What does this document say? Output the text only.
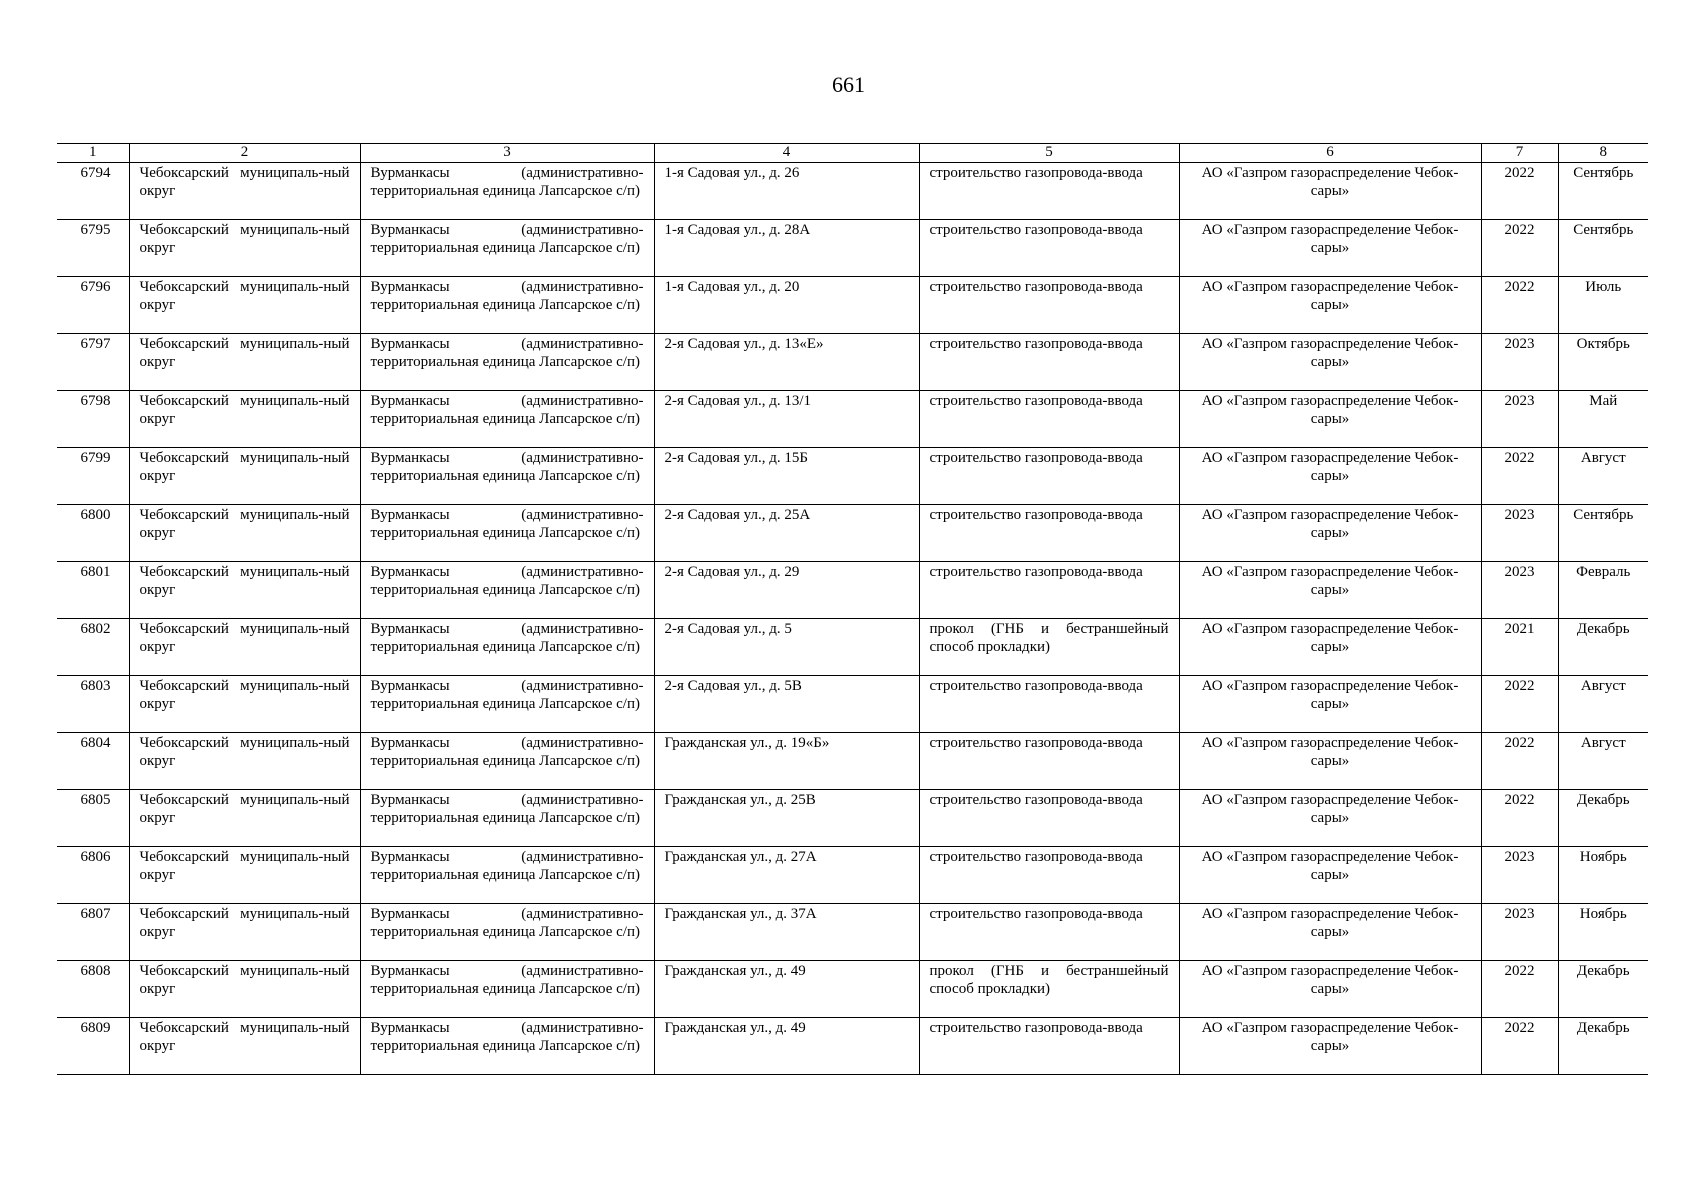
661
1	2	3	4	5	6	7	8
6794	Чебоксарский муниципаль-ный округ	Вурманкасы (административно-территориальная единица Лапсарское с/п)	1-я Садовая ул., д. 26	строительство газопровода-ввода	АО «Газпром газораспределение Чебок-сары»	2022	Сентябрь
6795	Чебоксарский муниципаль-ный округ	Вурманкасы (административно-территориальная единица Лапсарское с/п)	1-я Садовая ул., д. 28А	строительство газопровода-ввода	АО «Газпром газораспределение Чебок-сары»	2022	Сентябрь
6796	Чебоксарский муниципаль-ный округ	Вурманкасы (административно-территориальная единица Лапсарское с/п)	1-я Садовая ул., д. 20	строительство газопровода-ввода	АО «Газпром газораспределение Чебок-сары»	2022	Июль
6797	Чебоксарский муниципаль-ный округ	Вурманкасы (административно-территориальная единица Лапсарское с/п)	2-я Садовая ул., д. 13«Е»	строительство газопровода-ввода	АО «Газпром газораспределение Чебок-сары»	2023	Октябрь
6798	Чебоксарский муниципаль-ный округ	Вурманкасы (административно-территориальная единица Лапсарское с/п)	2-я Садовая ул., д. 13/1	строительство газопровода-ввода	АО «Газпром газораспределение Чебок-сары»	2023	Май
6799	Чебоксарский муниципаль-ный округ	Вурманкасы (административно-территориальная единица Лапсарское с/п)	2-я Садовая ул., д. 15Б	строительство газопровода-ввода	АО «Газпром газораспределение Чебок-сары»	2022	Август
6800	Чебоксарский муниципаль-ный округ	Вурманкасы (административно-территориальная единица Лапсарское с/п)	2-я Садовая ул., д. 25А	строительство газопровода-ввода	АО «Газпром газораспределение Чебок-сары»	2023	Сентябрь
6801	Чебоксарский муниципаль-ный округ	Вурманкасы (административно-территориальная единица Лапсарское с/п)	2-я Садовая ул., д. 29	строительство газопровода-ввода	АО «Газпром газораспределение Чебок-сары»	2023	Февраль
6802	Чебоксарский муниципаль-ный округ	Вурманкасы (административно-территориальная единица Лапсарское с/п)	2-я Садовая ул., д. 5	прокол (ГНБ и бестраншейный способ прокладки)	АО «Газпром газораспределение Чебок-сары»	2021	Декабрь
6803	Чебоксарский муниципаль-ный округ	Вурманкасы (административно-территориальная единица Лапсарское с/п)	2-я Садовая ул., д. 5В	строительство газопровода-ввода	АО «Газпром газораспределение Чебок-сары»	2022	Август
6804	Чебоксарский муниципаль-ный округ	Вурманкасы (административно-территориальная единица Лапсарское с/п)	Гражданская ул., д. 19«Б»	строительство газопровода-ввода	АО «Газпром газораспределение Чебок-сары»	2022	Август
6805	Чебоксарский муниципаль-ный округ	Вурманкасы (административно-территориальная единица Лапсарское с/п)	Гражданская ул., д. 25В	строительство газопровода-ввода	АО «Газпром газораспределение Чебок-сары»	2022	Декабрь
6806	Чебоксарский муниципаль-ный округ	Вурманкасы (административно-территориальная единица Лапсарское с/п)	Гражданская ул., д. 27А	строительство газопровода-ввода	АО «Газпром газораспределение Чебок-сары»	2023	Ноябрь
6807	Чебоксарский муниципаль-ный округ	Вурманкасы (административно-территориальная единица Лапсарское с/п)	Гражданская ул., д. 37А	строительство газопровода-ввода	АО «Газпром газораспределение Чебок-сары»	2023	Ноябрь
6808	Чебоксарский муниципаль-ный округ	Вурманкасы (административно-территориальная единица Лапсарское с/п)	Гражданская ул., д. 49	прокол (ГНБ и бестраншейный способ прокладки)	АО «Газпром газораспределение Чебок-сары»	2022	Декабрь
6809	Чебоксарский муниципаль-ный округ	Вурманкасы (административно-территориальная единица Лапсарское с/п)	Гражданская ул., д. 49	строительство газопровода-ввода	АО «Газпром газораспределение Чебок-сары»	2022	Декабрь
